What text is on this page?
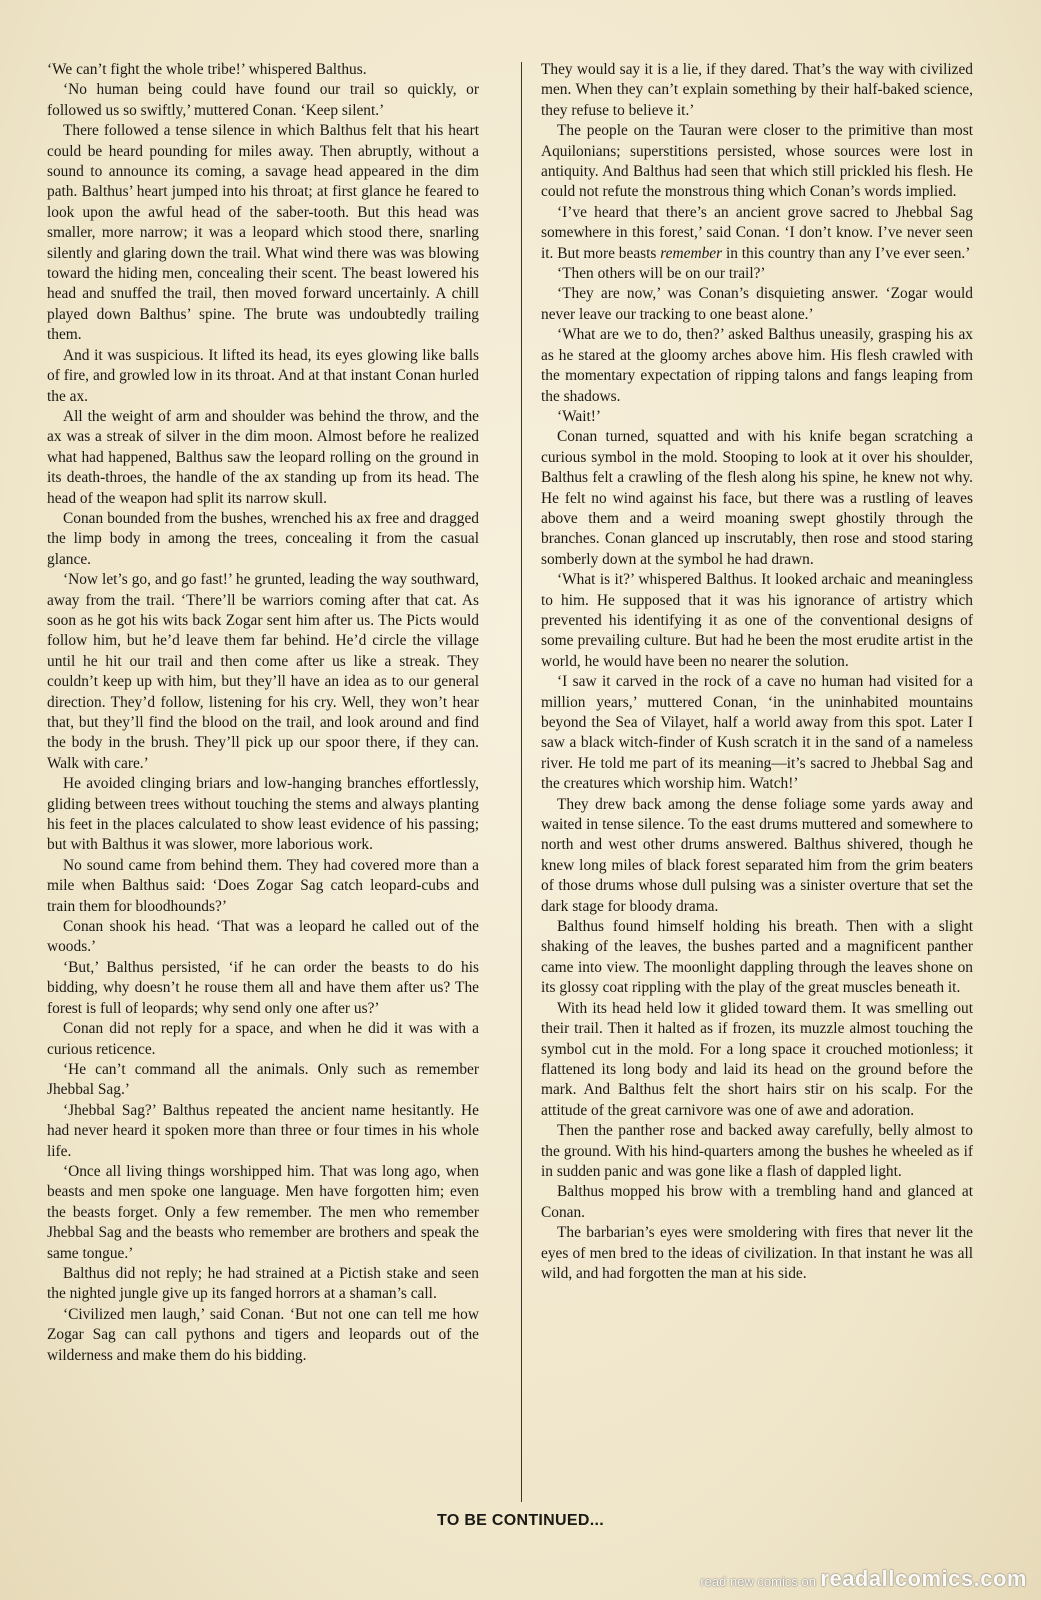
‘We can’t fight the whole tribe!’ whispered Balthus.

‘No human being could have found our trail so quickly, or followed us so swiftly,’ muttered Conan. ‘Keep silent.’

There followed a tense silence in which Balthus felt that his heart could be heard pounding for miles away. Then abruptly, without a sound to announce its coming, a savage head appeared in the dim path. Balthus’ heart jumped into his throat; at first glance he feared to look upon the awful head of the saber-tooth. But this head was smaller, more narrow; it was a leopard which stood there, snarling silently and glaring down the trail. What wind there was was blowing toward the hiding men, concealing their scent. The beast lowered his head and snuffed the trail, then moved forward uncertainly. A chill played down Balthus’ spine. The brute was undoubtedly trailing them.

And it was suspicious. It lifted its head, its eyes glowing like balls of fire, and growled low in its throat. And at that instant Conan hurled the ax.

All the weight of arm and shoulder was behind the throw, and the ax was a streak of silver in the dim moon. Almost before he realized what had happened, Balthus saw the leopard rolling on the ground in its death-throes, the handle of the ax standing up from its head. The head of the weapon had split its narrow skull.

Conan bounded from the bushes, wrenched his ax free and dragged the limp body in among the trees, concealing it from the casual glance.

‘Now let’s go, and go fast!’ he grunted, leading the way southward, away from the trail. ‘There’ll be warriors coming after that cat. As soon as he got his wits back Zogar sent him after us. The Picts would follow him, but he’d leave them far behind. He’d circle the village until he hit our trail and then come after us like a streak. They couldn’t keep up with him, but they’ll have an idea as to our general direction. They’d follow, listening for his cry. Well, they won’t hear that, but they’ll find the blood on the trail, and look around and find the body in the brush. They’ll pick up our spoor there, if they can. Walk with care.’

He avoided clinging briars and low-hanging branches effortlessly, gliding between trees without touching the stems and always planting his feet in the places calculated to show least evidence of his passing; but with Balthus it was slower, more laborious work.

No sound came from behind them. They had covered more than a mile when Balthus said: ‘Does Zogar Sag catch leopard-cubs and train them for bloodhounds?’

Conan shook his head. ‘That was a leopard he called out of the woods.’

‘But,’ Balthus persisted, ‘if he can order the beasts to do his bidding, why doesn’t he rouse them all and have them after us? The forest is full of leopards; why send only one after us?’

Conan did not reply for a space, and when he did it was with a curious reticence.

‘He can’t command all the animals. Only such as remember Jhebbal Sag.’

‘Jhebbal Sag?’ Balthus repeated the ancient name hesitantly. He had never heard it spoken more than three or four times in his whole life.

‘Once all living things worshipped him. That was long ago, when beasts and men spoke one language. Men have forgotten him; even the beasts forget. Only a few remember. The men who remember Jhebbal Sag and the beasts who remember are brothers and speak the same tongue.’

Balthus did not reply; he had strained at a Pictish stake and seen the nighted jungle give up its fanged horrors at a shaman’s call.

‘Civilized men laugh,’ said Conan. ‘But not one can tell me how Zogar Sag can call pythons and tigers and leopards out of the wilderness and make them do his bidding.

They would say it is a lie, if they dared. That’s the way with civilized men. When they can’t explain something by their half-baked science, they refuse to believe it.’

The people on the Tauran were closer to the primitive than most Aquilonians; superstitions persisted, whose sources were lost in antiquity. And Balthus had seen that which still prickled his flesh. He could not refute the monstrous thing which Conan’s words implied.

‘I’ve heard that there’s an ancient grove sacred to Jhebbal Sag somewhere in this forest,’ said Conan. ‘I don’t know. I’ve never seen it. But more beasts remember in this country than any I’ve ever seen.’

‘Then others will be on our trail?’

‘They are now,’ was Conan’s disquieting answer. ‘Zogar would never leave our tracking to one beast alone.’

‘What are we to do, then?’ asked Balthus uneasily, grasping his ax as he stared at the gloomy arches above him. His flesh crawled with the momentary expectation of ripping talons and fangs leaping from the shadows.

‘Wait!’

Conan turned, squatted and with his knife began scratching a curious symbol in the mold. Stooping to look at it over his shoulder, Balthus felt a crawling of the flesh along his spine, he knew not why. He felt no wind against his face, but there was a rustling of leaves above them and a weird moaning swept ghostily through the branches. Conan glanced up inscrutably, then rose and stood staring somberly down at the symbol he had drawn.

‘What is it?’ whispered Balthus. It looked archaic and meaningless to him. He supposed that it was his ignorance of artistry which prevented his identifying it as one of the conventional designs of some prevailing culture. But had he been the most erudite artist in the world, he would have been no nearer the solution.

‘I saw it carved in the rock of a cave no human had visited for a million years,’ muttered Conan, ‘in the uninhabited mountains beyond the Sea of Vilayet, half a world away from this spot. Later I saw a black witch-finder of Kush scratch it in the sand of a nameless river. He told me part of its meaning—it’s sacred to Jhebbal Sag and the creatures which worship him. Watch!’

They drew back among the dense foliage some yards away and waited in tense silence. To the east drums muttered and somewhere to north and west other drums answered. Balthus shivered, though he knew long miles of black forest separated him from the grim beaters of those drums whose dull pulsing was a sinister overture that set the dark stage for bloody drama.

Balthus found himself holding his breath. Then with a slight shaking of the leaves, the bushes parted and a magnificent panther came into view. The moonlight dappling through the leaves shone on its glossy coat rippling with the play of the great muscles beneath it.

With its head held low it glided toward them. It was smelling out their trail. Then it halted as if frozen, its muzzle almost touching the symbol cut in the mold. For a long space it crouched motionless; it flattened its long body and laid its head on the ground before the mark. And Balthus felt the short hairs stir on his scalp. For the attitude of the great carnivore was one of awe and adoration.

Then the panther rose and backed away carefully, belly almost to the ground. With his hind-quarters among the bushes he wheeled as if in sudden panic and was gone like a flash of dappled light.

Balthus mopped his brow with a trembling hand and glanced at Conan.

The barbarian’s eyes were smoldering with fires that never lit the eyes of men bred to the ideas of civilization. In that instant he was all wild, and had forgotten the man at his side.

TO BE CONTINUED...
read new comics on readallcomics.com
